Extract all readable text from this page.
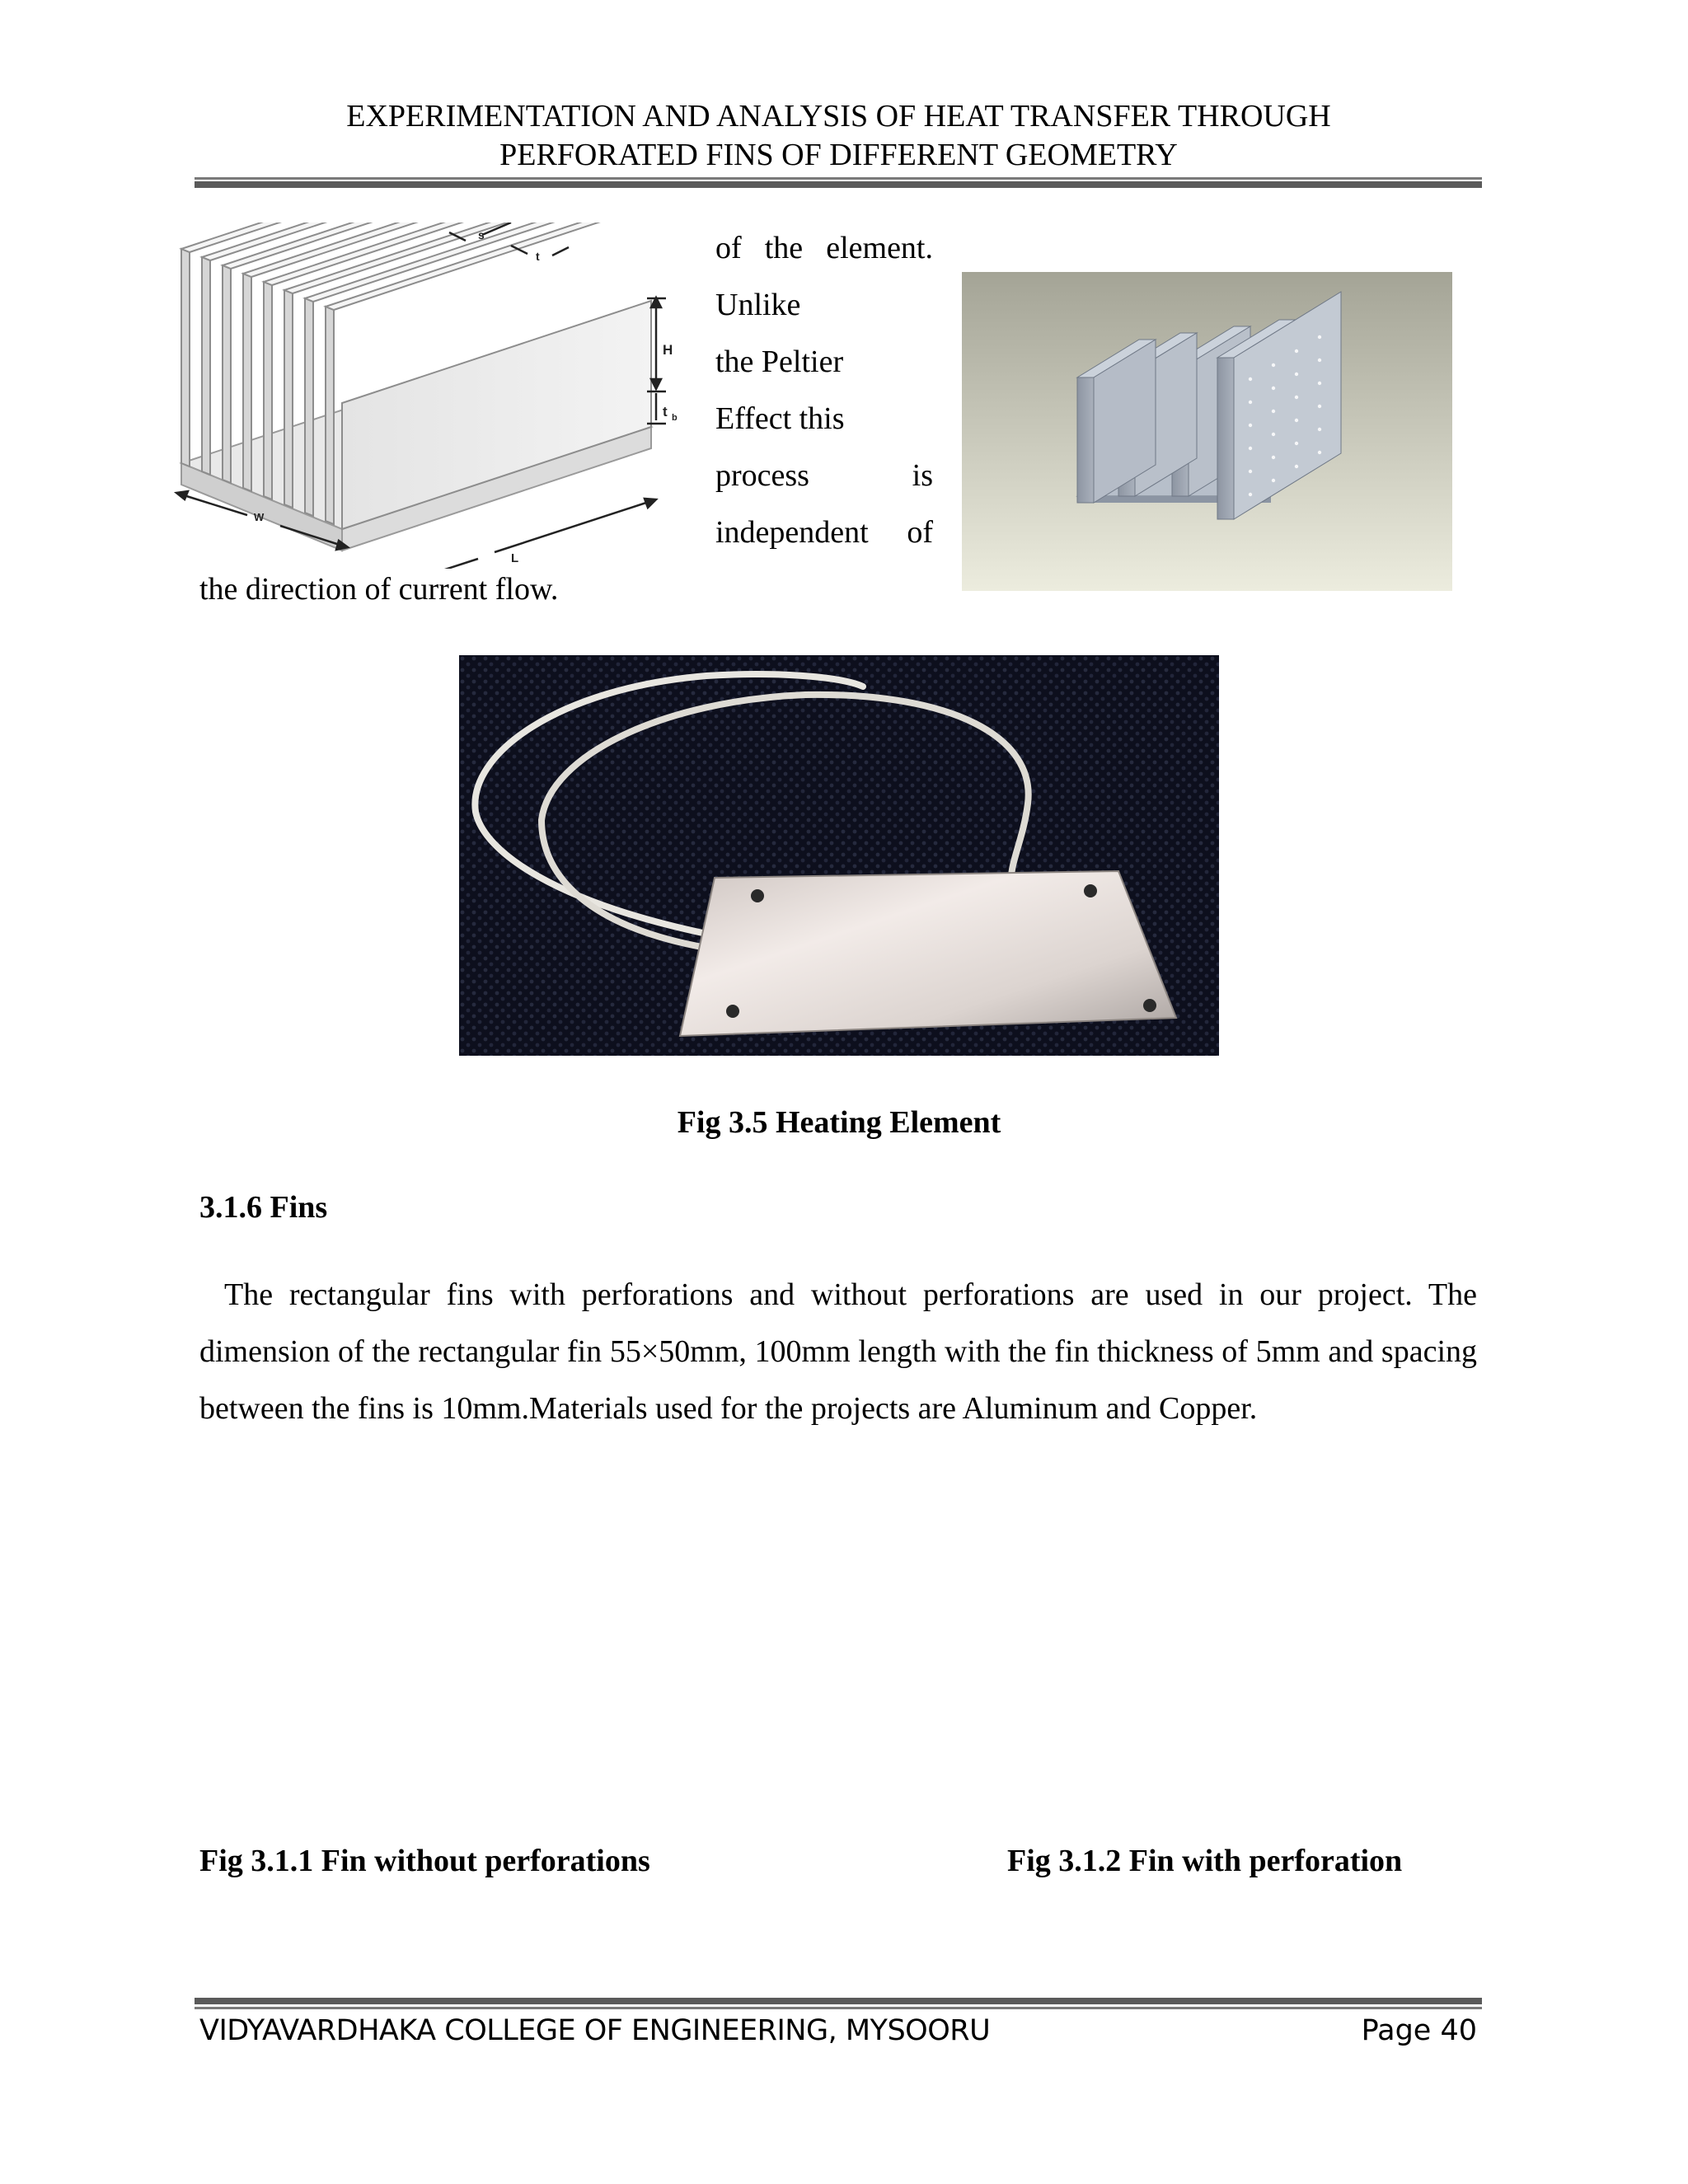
EXPERIMENTATION AND ANALYSIS OF HEAT TRANSFER THROUGH
PERFORATED FINS OF DIFFERENT GEOMETRY
H
t b
L
W
s
t	of the element.
Unlike
the Peltier
Effect this
process	is
independent of
the direction of current flow.
Fig 3.5 Heating Element
3.1.6 Fins
The rectangular fins with perforations and without perforations are used in our project. The dimension of the rectangular fin 55×50mm, 100mm length with the fin thickness of 5mm and spacing between the fins is 10mm.Materials used for the projects are Aluminum and Copper.
Fig 3.1.1 Fin without perforations	Fig 3.1.2 Fin with perforation
VIDYAVARDHAKA COLLEGE OF ENGINEERING, MYSOORU	Page 40
